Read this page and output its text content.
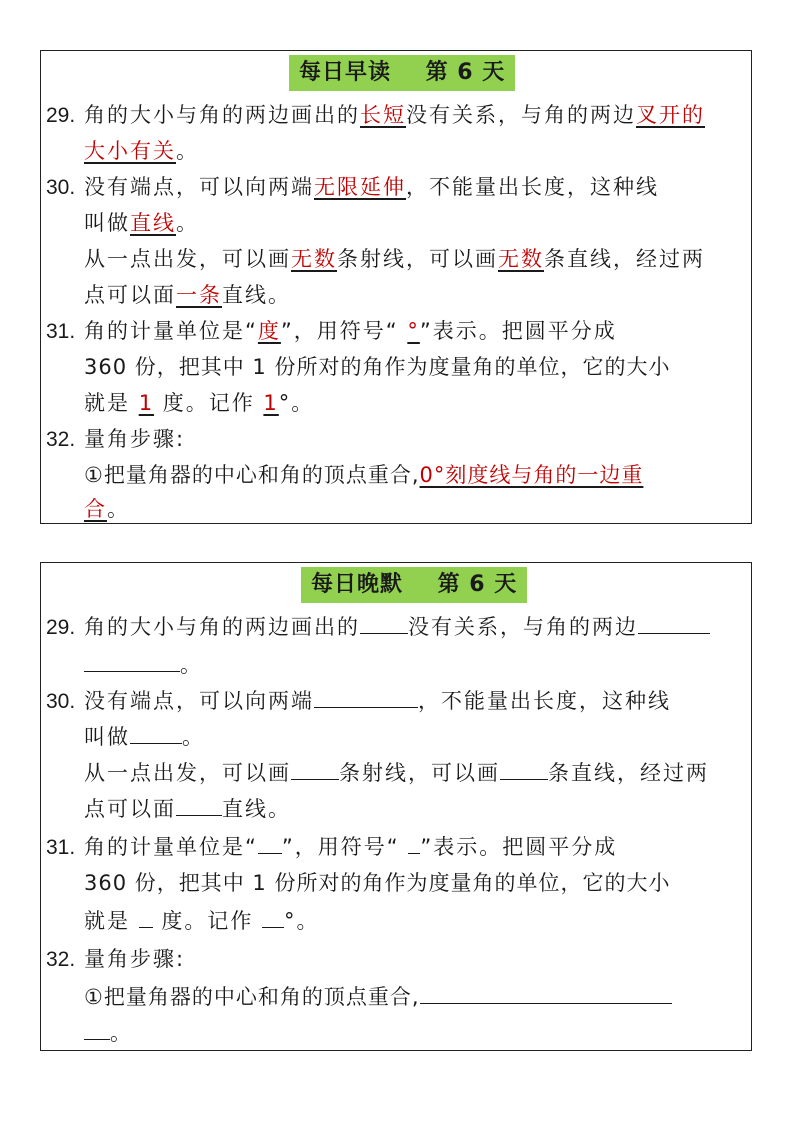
每日早读    第 6 天
29. 角的大小与角的两边画出的长短没有关系，与角的两边叉开的
大小有关。
30. 没有端点，可以向两端无限延伸，不能量出长度，这种线
叫做直线。
从一点出发，可以画无数条射线，可以画无数条直线，经过两
点可以面一条直线。
31. 角的计量单位是“度”，用符号“ °”表示。把圆平分成
360 份，把其中 1 份所对的角作为度量角的单位，它的大小
就是 1 度。记作 1°。
32. 量角步骤:
①把量角器的中心和角的顶点重合,0°刻度线与角的一边重
合。
每日晚默    第 6 天
29. 角的大小与角的两边画出的 没有关系，与角的两边
。
30. 没有端点，可以向两端	，不能量出长度，这种线
叫做 。
从一点出发，可以画 条射线，可以画 条直线，经过两
点可以面 直线。
31. 角的计量单位是“ ”，用符号“ ”表示。把圆平分成
360 份，把其中 1 份所对的角作为度量角的单位，它的大小
就是  度。记作 °。
32. 量角步骤:
①把量角器的中心和角的顶点重合,
。
